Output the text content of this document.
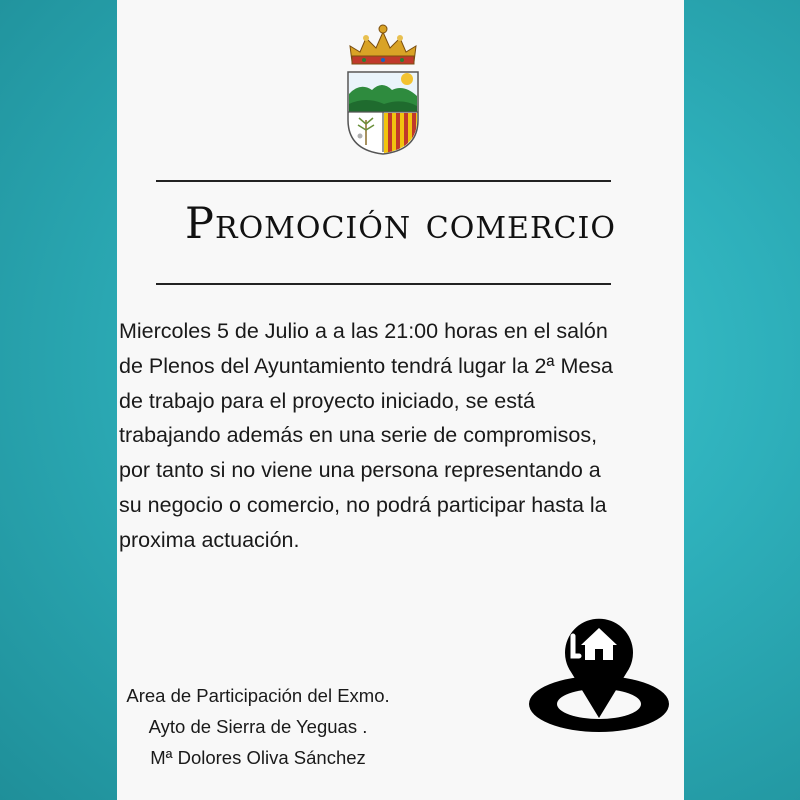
Promoción comercio
Miercoles 5 de Julio a a las 21:00 horas en el salón
de Plenos del Ayuntamiento tendrá lugar la 2ª Mesa
de trabajo para el proyecto iniciado, se está
trabajando además en una serie de compromisos,
por tanto si no viene una persona representando a
su negocio o comercio, no podrá participar hasta la
proxima actuación.
Area de Participación del Exmo.
Ayto de Sierra de Yeguas .
Mª Dolores Oliva Sánchez
